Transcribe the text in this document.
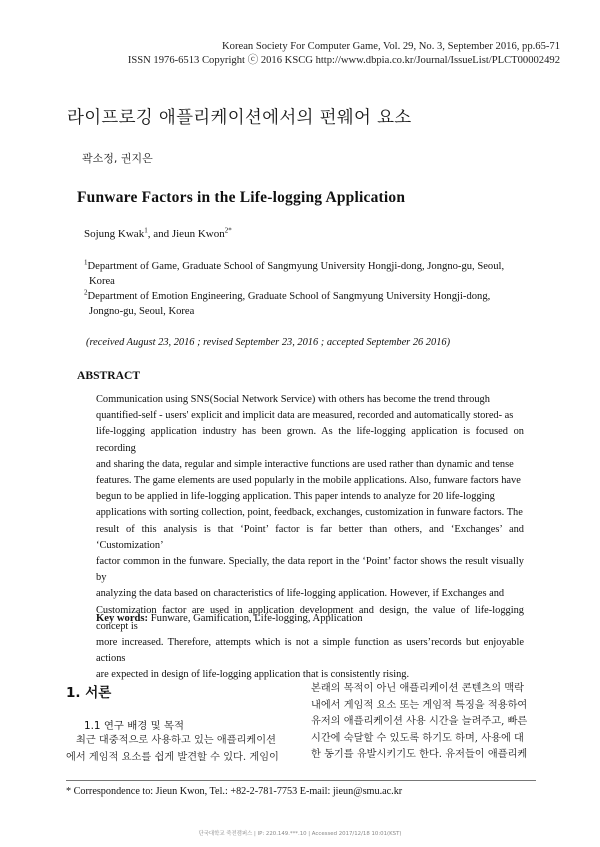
Korean Society For Computer Game, Vol. 29, No. 3, September 2016, pp.65-71
ISSN 1976-6513 Copyright ⓒ 2016 KSCG http://www.dbpia.co.kr/Journal/IssueList/PLCT00002492
라이프로깅 애플리케이션에서의 펀웨어 요소
곽소정, 권지은
Funware Factors in the Life-logging Application
Sojung Kwak$^1$, and Jieun Kwon$^{2*}$
$^1$Department of Game, Graduate School of Sangmyung University Hongji-dong, Jongno-gu, Seoul,
Korea
$^2$Department of Emotion Engineering, Graduate School of Sangmyung University Hongji-dong,
Jongno-gu, Seoul, Korea
(received August 23, 2016 ; revised September 23, 2016 ; accepted September 26 2016)
ABSTRACT
Communication using SNS(Social Network Service) with others has become the trend through
quantified-self - users' explicit and implicit data are measured, recorded and automatically stored- as
life-logging application industry has been grown. As the life-logging application is focused on recording
and sharing the data, regular and simple interactive functions are used rather than dynamic and tense
features. The game elements are used popularly in the mobile applications. Also, funware factors have
begun to be applied in life-logging application. This paper intends to analyze for 20 life-logging
applications with sorting collection, point, feedback, exchanges, customization in funware factors. The
result of this analysis is that ‘Point’ factor is far better than others, and ‘Exchanges’ and ‘Customization’
factor common in the funware. Specially, the data report in the ‘Point’ factor shows the result visually by
analyzing the data based on characteristics of life-logging application. However, if Exchanges and
Customization factor are used in application development and design, the value of life-logging concept is
more increased. Therefore, attempts which is not a simple function as users’records but enjoyable actions
are expected in design of life-logging application that is consistently rising.
Key words: Funware, Gamification, Life-logging, Application
1. 서론
1.1 연구 배경 및 목적

최근 대중적으로 사용하고 있는 애플리케이션

에서 게임적 요소를 쉽게 발견할 수 있다. 게임이

본래의 목적이 아닌 애플리케이션 콘텐츠의 맥락

내에서 게임적 요소 또는 게임적 특징을 적용하여

유저의 애플리케이션 사용 시간을 늘려주고, 빠른

시간에 숙달할 수 있도록 하기도 하며, 사용에 대

한 동기를 유발시키기도 한다. 유저들이 애플리케

* Correspondence to: Jieun Kwon, Tel.: +82-2-781-7753 E-mail: jieun@smu.ac.kr
단국대학교 죽전캠퍼스 | IP: 220.149.***.10 | Accessed 2017/12/18 10:01(KST)
